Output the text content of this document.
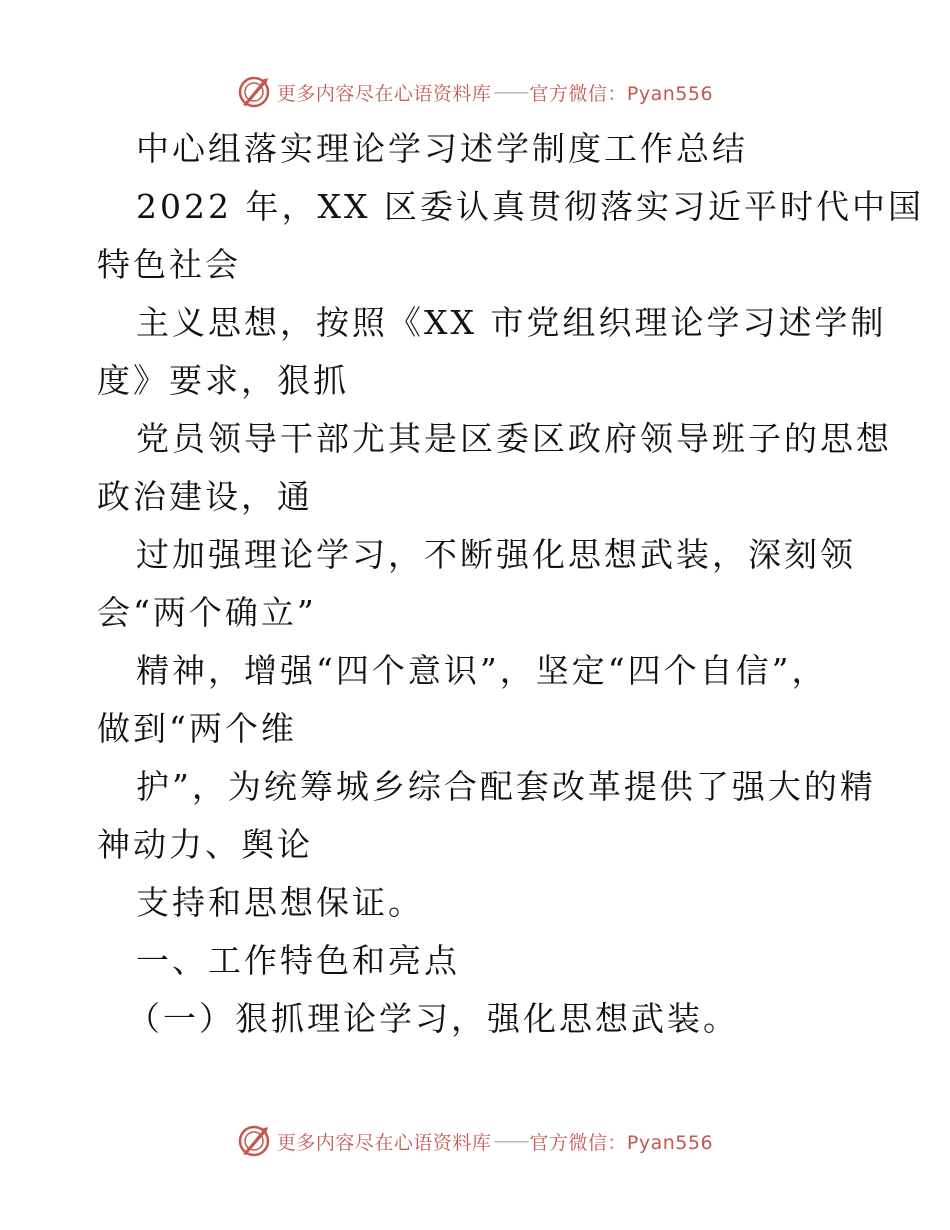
更多内容尽在心语资料库 —— 官方微信：Pyan556
中心组落实理论学习述学制度工作总结
2022 年，XX 区委认真贯彻落实习近平时代中国
特色社会
主义思想，按照《XX 市党组织理论学习述学制
度》要求，狠抓
党员领导干部尤其是区委区政府领导班子的思想
政治建设，通
过加强理论学习，不断强化思想武装，深刻领
会“两个确立”
精神，增强“四个意识”，坚定“四个自信”，
做到“两个维
护”，为统筹城乡综合配套改革提供了强大的精
神动力、舆论
支持和思想保证。
一、工作特色和亮点
（一）狠抓理论学习，强化思想武装。
更多内容尽在心语资料库 —— 官方微信：Pyan556
